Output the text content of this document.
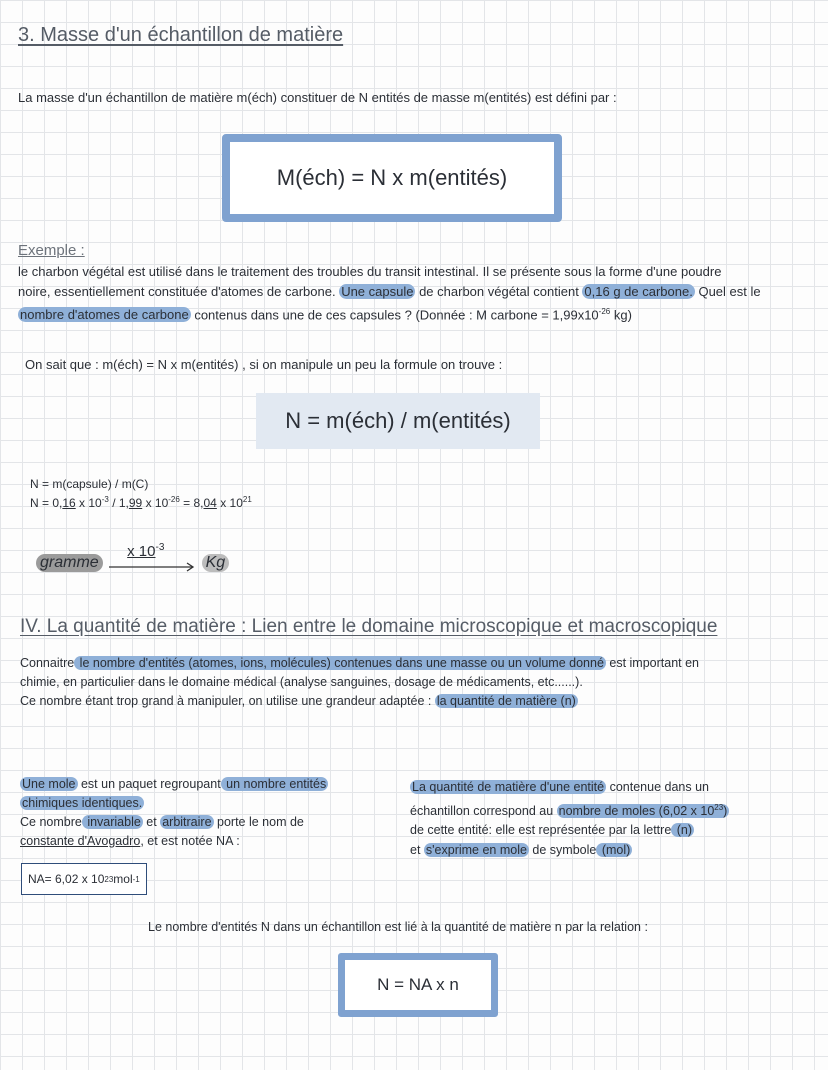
3. Masse d'un échantillon de matière
La masse d'un échantillon de matière m(éch) constituer de N entités de masse m(entités) est défini par :
M(éch) = N x m(entités)
Exemple :
le charbon végétal est utilisé dans le traitement des troubles du transit intestinal. Il se présente sous la forme d'une poudre
noire, essentiellement constituée d'atomes de carbone. Une capsule de charbon végétal contient 0,16 g de carbone. Quel est le
nombre d'atomes de carbone contenus dans une de ces capsules ? (Donnée : M carbone = $1,99x10^{-26}$ kg)
On sait que : m(éch) = N x m(entités) , si on manipule un peu la formule on trouve :
N = m(éch) / m(entités)
N = m(capsule) / m(C)
N = 0,16 x $10^{-3} / 1,99$ x $10^{-26} = 8,04$ x $10^{21}$
gramme
x $10^{-3}$
Kg
IV. La quantité de matière : Lien entre le domaine microscopique et macroscopique
Connaitre le nombre d'entités (atomes, ions, molécules) contenues dans une masse ou un volume donné est important en
chimie, en particulier dans le domaine médical (analyse sanguines, dosage de médicaments, etc......).
Ce nombre étant trop grand à manipuler, on utilise une grandeur adaptée : la quantité de matière (n)
Une mole est un paquet regroupant un nombre entités
chimiques identiques.
Ce nombre invariable et arbitraire porte le nom de
constante d'Avogadro, et est notée NA :
NA= 6,02 x 10 23 mol -1
La quantité de matière d'une entité contenue dans un
échantillon correspond au nombre de moles (6,02 x $10^{23}$)
de cette entité: elle est représentée par la lettre (n)
et s'exprime en mole de symbole (mol)
Le nombre d'entités N dans un échantillon est lié à la quantité de matière n par la relation :
N = NA x n
